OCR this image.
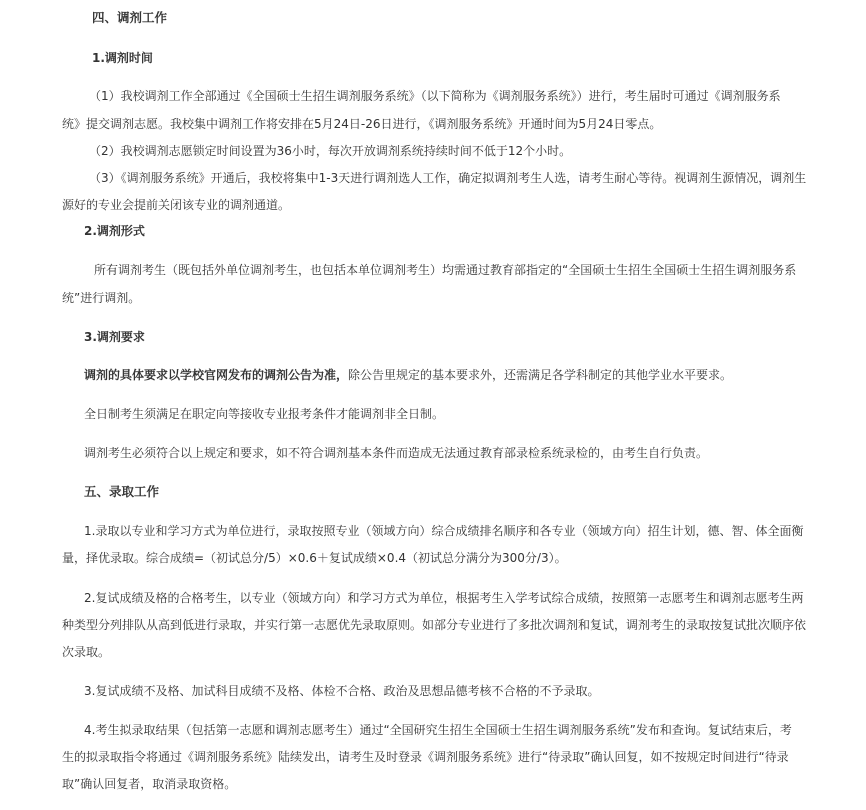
四、调剂工作
1.调剂时间
（1）我校调剂工作全部通过《全国硕士生招生调剂服务系统》（以下简称为《调剂服务系统》）进行，考生届时可通过《调剂服务系
统》提交调剂志愿。我校集中调剂工作将安排在5月24日-26日进行，《调剂服务系统》开通时间为5月24日零点。
（2）我校调剂志愿锁定时间设置为36小时，每次开放调剂系统持续时间不低于12个小时。
（3）《调剂服务系统》开通后，我校将集中1-3天进行调剂选人工作，确定拟调剂考生人选，请考生耐心等待。视调剂生源情况，调剂生
源好的专业会提前关闭该专业的调剂通道。
2.调剂形式
所有调剂考生（既包括外单位调剂考生，也包括本单位调剂考生）均需通过教育部指定的“全国硕士生招生全国硕士生招生调剂服务系
统”进行调剂。
3.调剂要求
调剂的具体要求以学校官网发布的调剂公告为准，除公告里规定的基本要求外，还需满足各学科制定的其他学业水平要求。
全日制考生须满足在职定向等接收专业报考条件才能调剂非全日制。
调剂考生必须符合以上规定和要求，如不符合调剂基本条件而造成无法通过教育部录检系统录检的，由考生自行负责。
五、录取工作
1.录取以专业和学习方式为单位进行，录取按照专业（领域方向）综合成绩排名顺序和各专业（领域方向）招生计划，德、智、体全面衡
量，择优录取。综合成绩=（初试总分/5）×0.6＋复试成绩×0.4（初试总分满分为300分/3）。
2.复试成绩及格的合格考生，以专业（领域方向）和学习方式为单位，根据考生入学考试综合成绩，按照第一志愿考生和调剂志愿考生两
种类型分列排队从高到低进行录取，并实行第一志愿优先录取原则。如部分专业进行了多批次调剂和复试，调剂考生的录取按复试批次顺序依
次录取。
3.复试成绩不及格、加试科目成绩不及格、体检不合格、政治及思想品德考核不合格的不予录取。
4.考生拟录取结果（包括第一志愿和调剂志愿考生）通过“全国研究生招生全国硕士生招生调剂服务系统”发布和查询。复试结束后，考
生的拟录取指令将通过《调剂服务系统》陆续发出，请考生及时登录《调剂服务系统》进行“待录取”确认回复，如不按规定时间进行“待录
取”确认回复者，取消录取资格。
